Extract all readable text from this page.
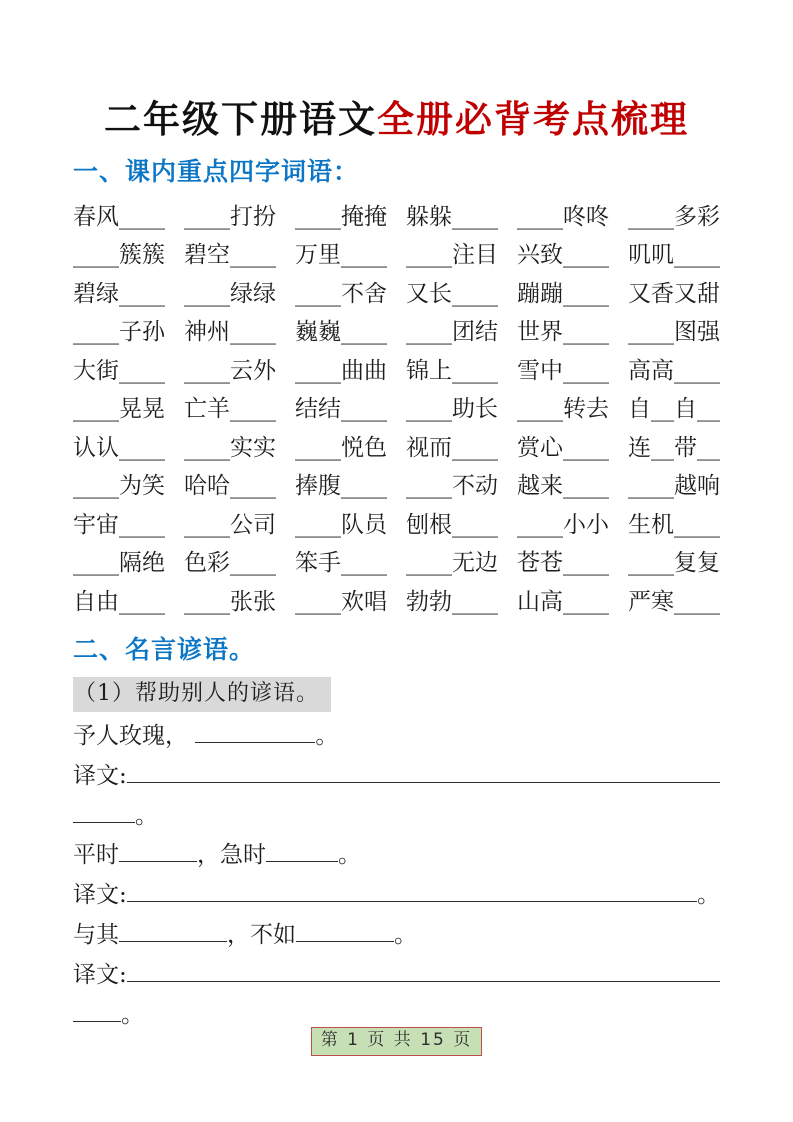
二年级下册语文全册必背考点梳理
一、课内重点四字词语：
春风____ ____打扮 ____掩掩 躲躲____ ____咚咚 ____多彩
____簇簇 碧空____ 万里____ ____注目 兴致____ 叽叽____
碧绿____ ____绿绿 ____不舍 又长____ 蹦蹦____ 又香又甜
____子孙 神州____ 巍巍____ ____团结 世界____ ____图强
大街____ ____云外 ____曲曲 锦上____ 雪中____ 高高____
____晃晃 亡羊____ 结结____ ____助长 ____转去 自__自__
认认____ ____实实 ____悦色 视而____ 赏心____ 连__带__
____为笑 哈哈____ 捧腹____ ____不动 越来____ ____越响
宇宙____ ____公司 ____队员 刨根____ ____小小 生机____
____隔绝 色彩____ 笨手____ ____无边 苍苍____ ____复复
自由____ ____张张 ____欢唱 勃勃____ 山高____ 严寒____
二、名言谚语。
（1）帮助别人的谚语。
予人玫瑰，	。
译文:
。
平时	，急时	。
译文:	。
与其	，不如	。
译文:
。
第 1 页 共 15 页
